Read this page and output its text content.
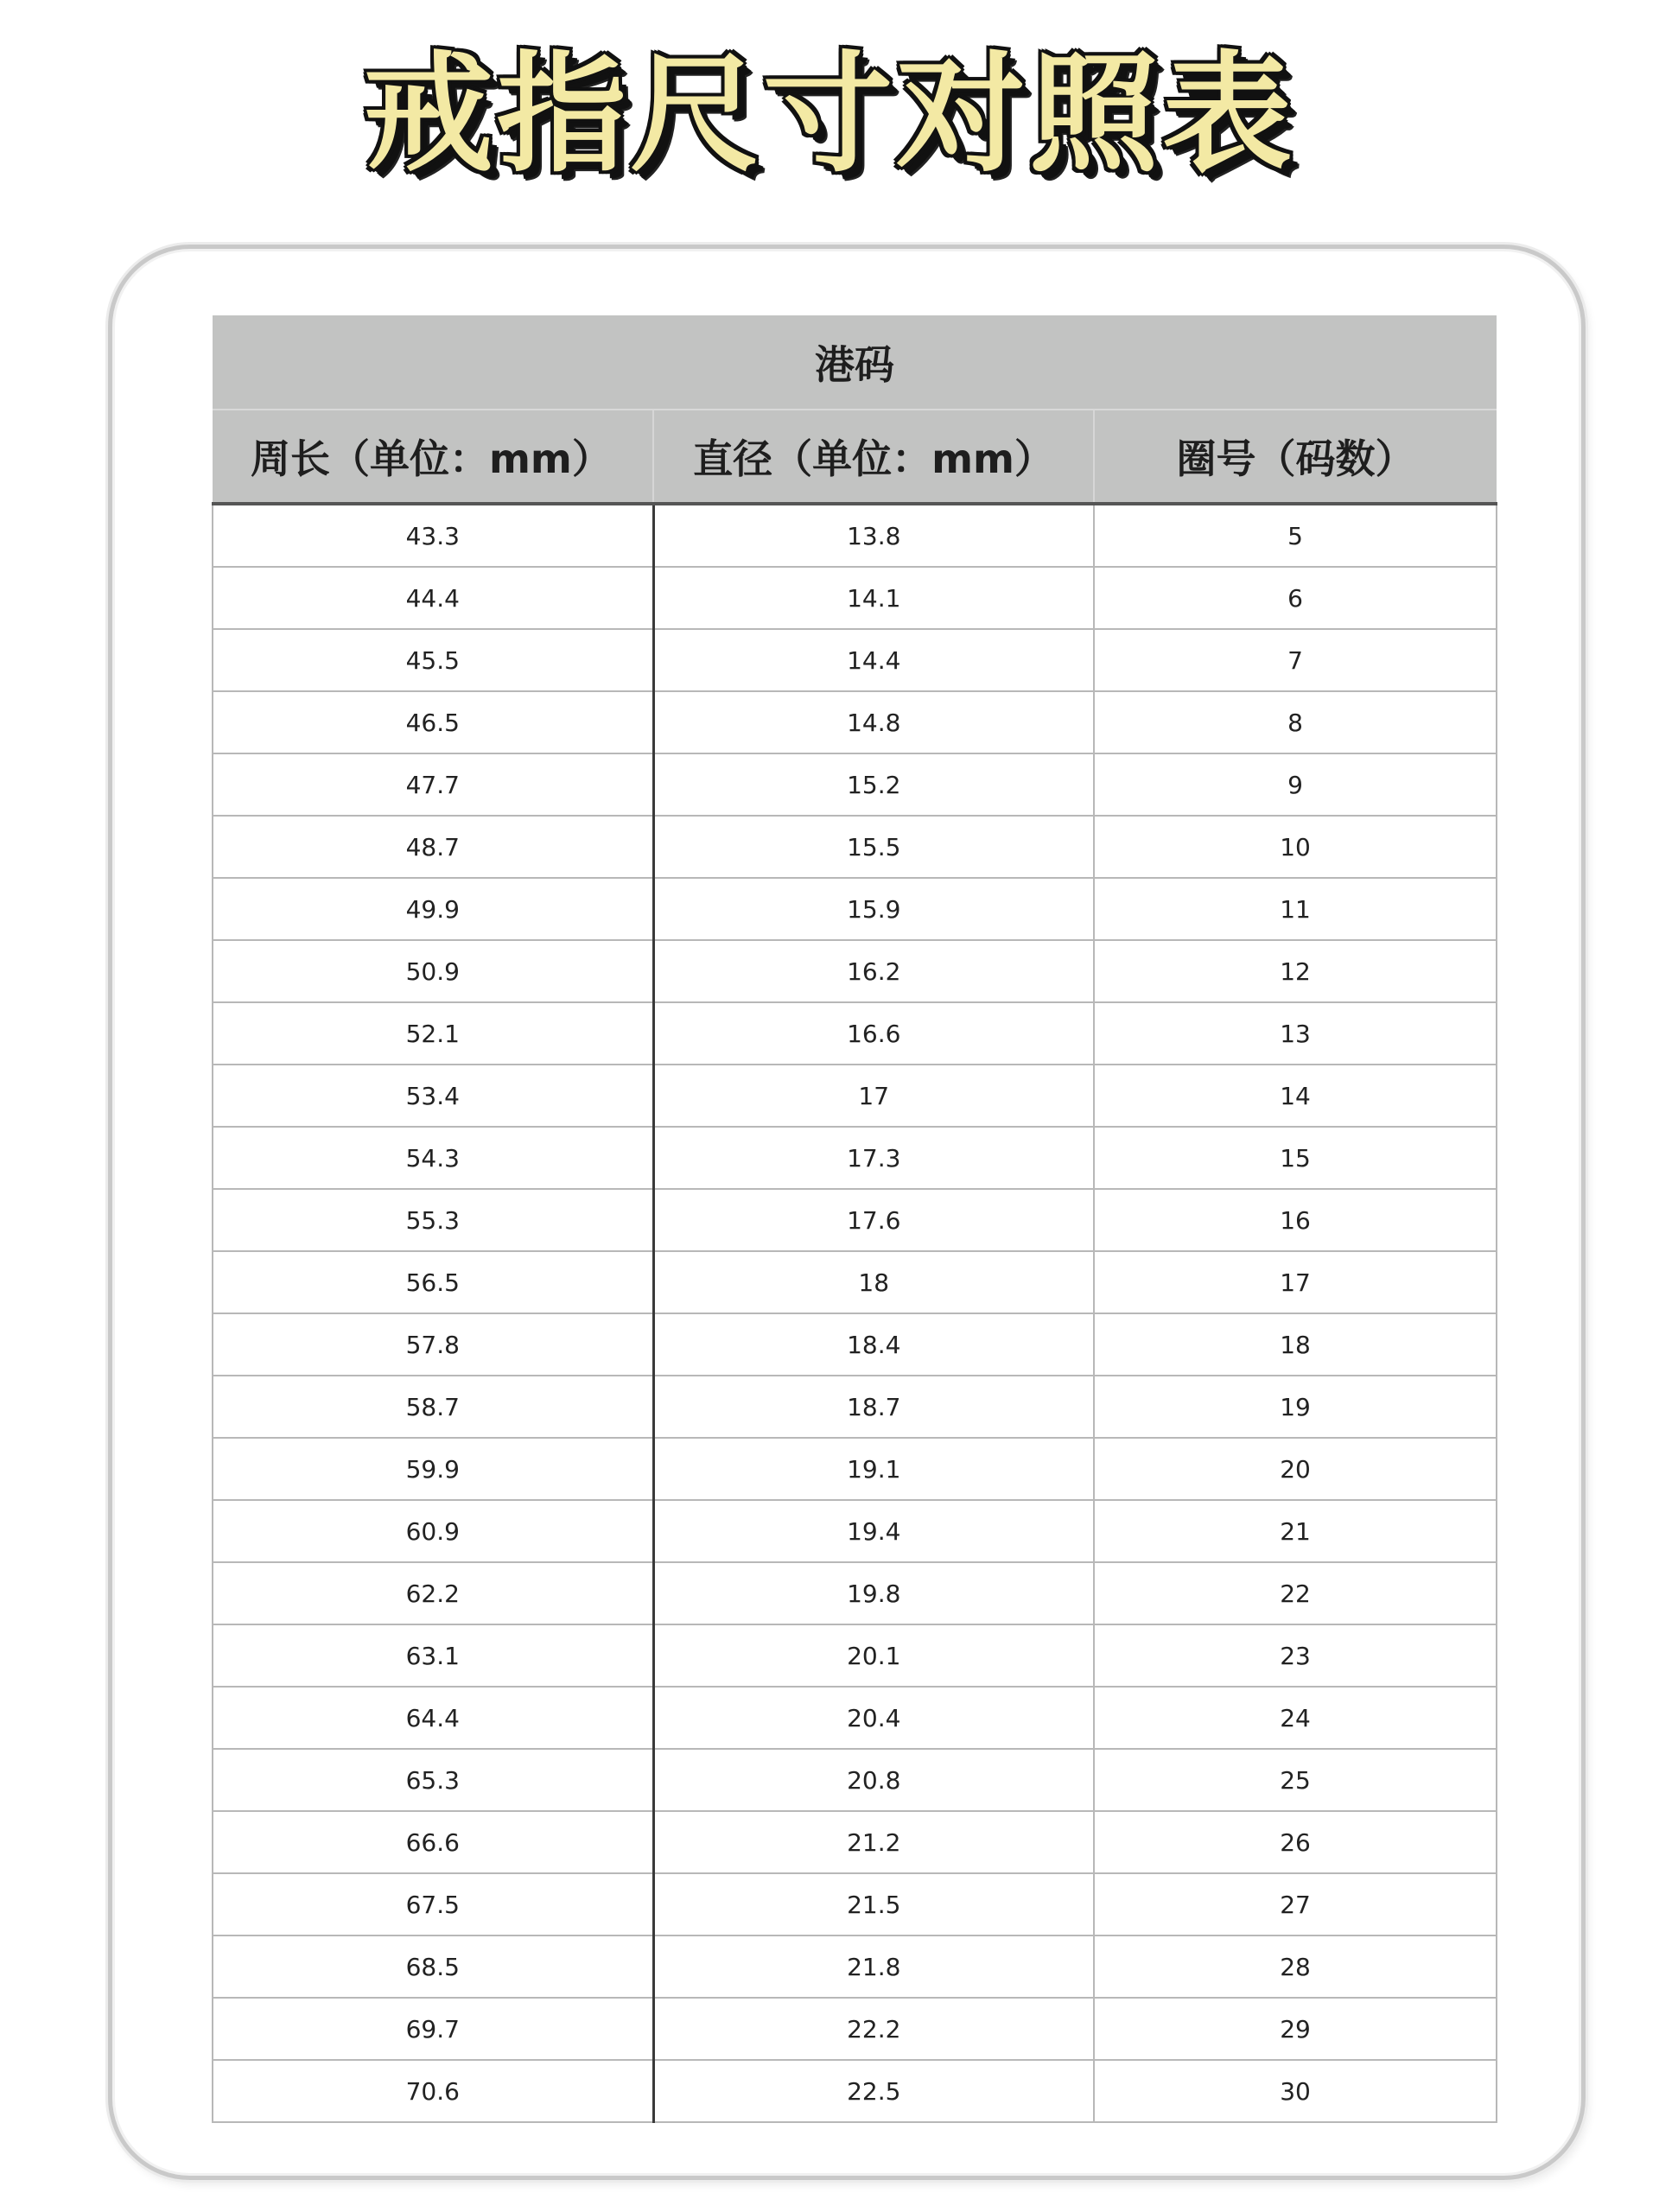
戒指尺寸对照表
港码		
周长（单位：mm）	直径（单位：mm）	圈号（码数）
43.3	13.8	5
44.4	14.1	6
45.5	14.4	7
46.5	14.8	8
47.7	15.2	9
48.7	15.5	10
49.9	15.9	11
50.9	16.2	12
52.1	16.6	13
53.4	17	14
54.3	17.3	15
55.3	17.6	16
56.5	18	17
57.8	18.4	18
58.7	18.7	19
59.9	19.1	20
60.9	19.4	21
62.2	19.8	22
63.1	20.1	23
64.4	20.4	24
65.3	20.8	25
66.6	21.2	26
67.5	21.5	27
68.5	21.8	28
69.7	22.2	29
70.6	22.5	30
